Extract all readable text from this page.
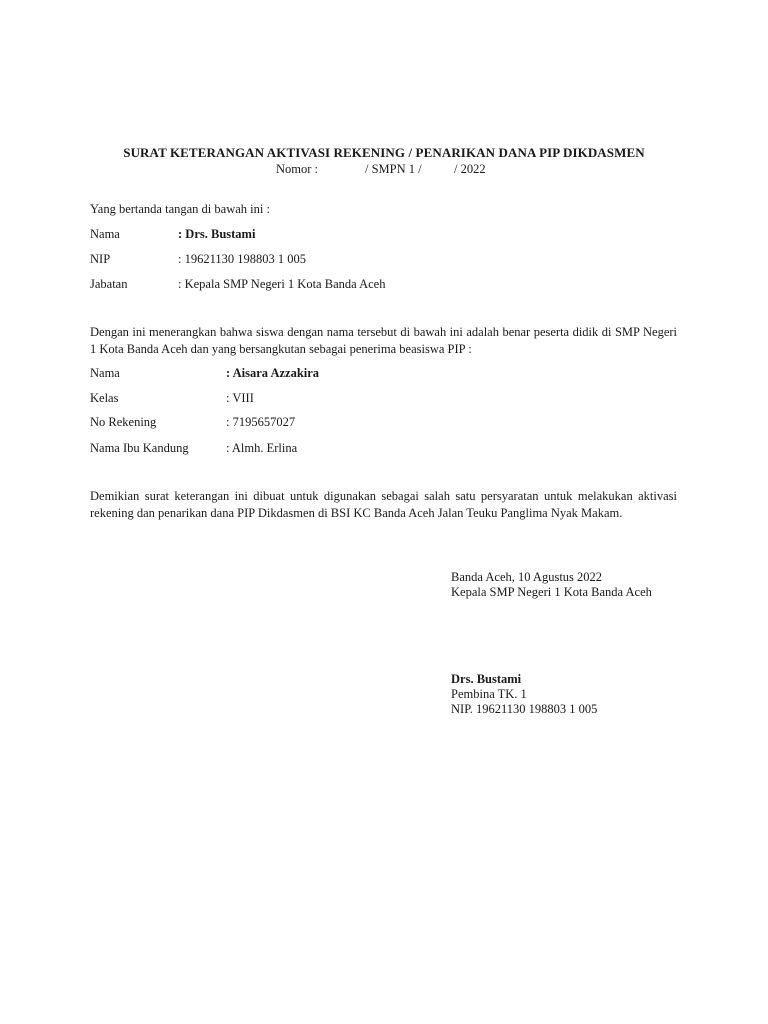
SURAT KETERANGAN AKTIVASI REKENING / PENARIKAN DANA PIP DIKDASMEN
Nomor :	/ SMPN 1 /	/ 2022
Yang bertanda tangan di bawah ini :
Nama	: Drs. Bustami
NIP	: 19621130 198803 1 005
Jabatan	: Kepala SMP Negeri 1 Kota Banda Aceh
Dengan ini menerangkan bahwa siswa dengan nama tersebut di bawah ini adalah benar peserta didik di SMP Negeri 1 Kota Banda Aceh dan yang bersangkutan sebagai penerima beasiswa PIP :
Nama	: Aisara Azzakira
Kelas	: VIII
No Rekening	: 7195657027
Nama Ibu Kandung	: Almh. Erlina
Demikian surat keterangan ini dibuat untuk digunakan sebagai salah satu persyaratan untuk melakukan aktivasi rekening dan penarikan dana PIP Dikdasmen di BSI KC Banda Aceh Jalan Teuku Panglima Nyak Makam.
Banda Aceh, 10 Agustus 2022
Kepala SMP Negeri 1 Kota Banda Aceh
Drs. Bustami
Pembina TK. 1
NIP. 19621130 198803 1 005
